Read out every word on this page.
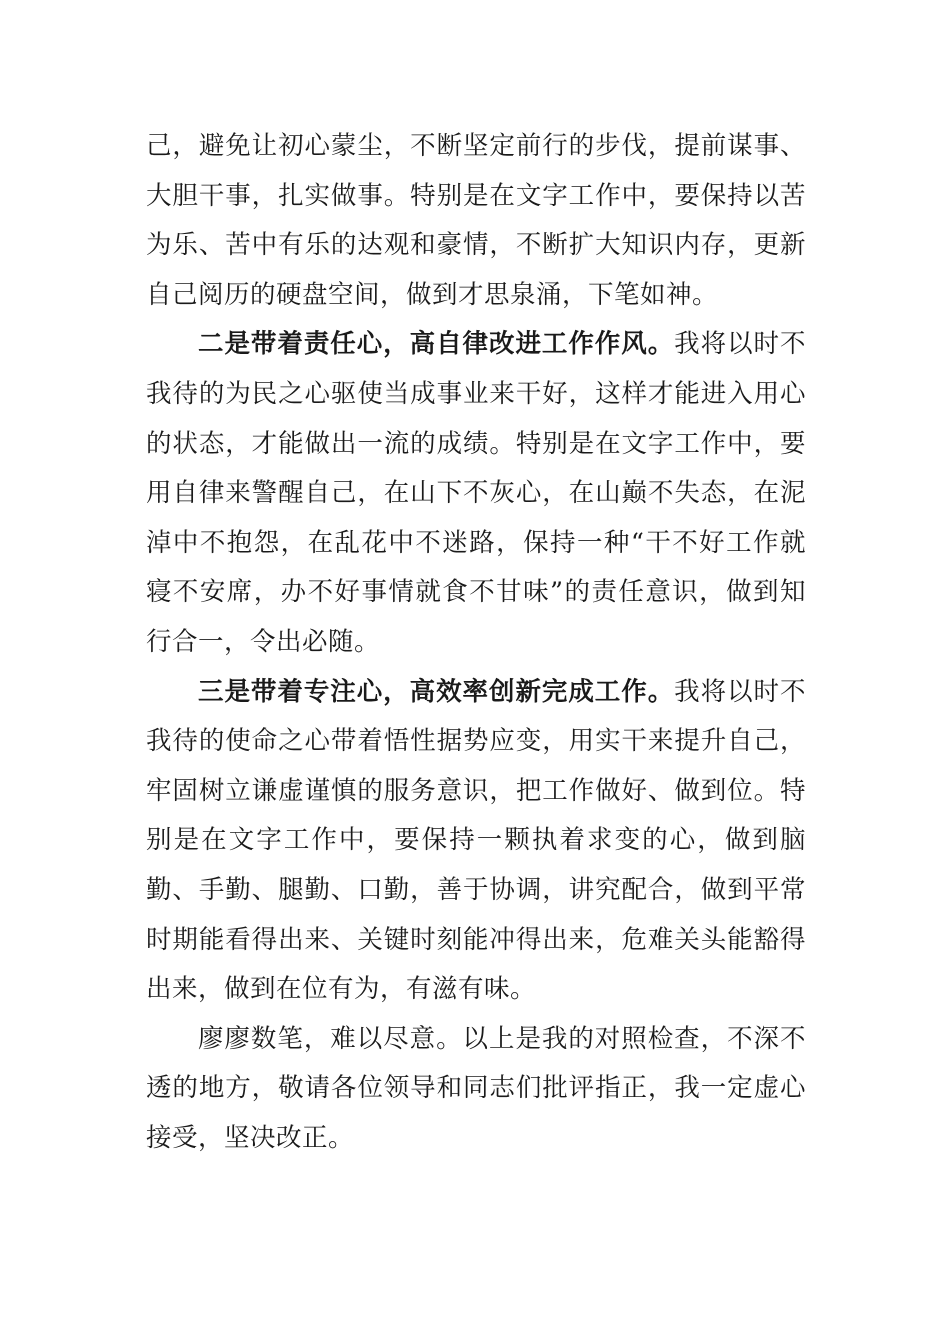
己，避免让初心蒙尘，不断坚定前行的步伐，提前谋事、大胆干事，扎实做事。特别是在文字工作中，要保持以苦为乐、苦中有乐的达观和豪情，不断扩大知识内存，更新自己阅历的硬盘空间，做到才思泉涌，下笔如神。

二是带着责任心，高自律改进工作作风。我将以时不我待的为民之心驱使当成事业来干好，这样才能进入用心的状态，才能做出一流的成绩。特别是在文字工作中，要用自律来警醒自己，在山下不灰心，在山巅不失态，在泥淖中不抱怨，在乱花中不迷路，保持一种“干不好工作就寝不安席，办不好事情就食不甘味”的责任意识，做到知行合一，令出必随。

三是带着专注心，高效率创新完成工作。我将以时不我待的使命之心带着悟性据势应变，用实干来提升自己，牢固树立谦虚谨慎的服务意识，把工作做好、做到位。特别是在文字工作中，要保持一颗执着求变的心，做到脑勤、手勤、腿勤、口勤，善于协调，讲究配合，做到平常时期能看得出来、关键时刻能冲得出来，危难关头能豁得出来，做到在位有为，有滋有味。

廖廖数笔，难以尽意。以上是我的对照检查，不深不透的地方，敬请各位领导和同志们批评指正，我一定虚心接受，坚决改正。
